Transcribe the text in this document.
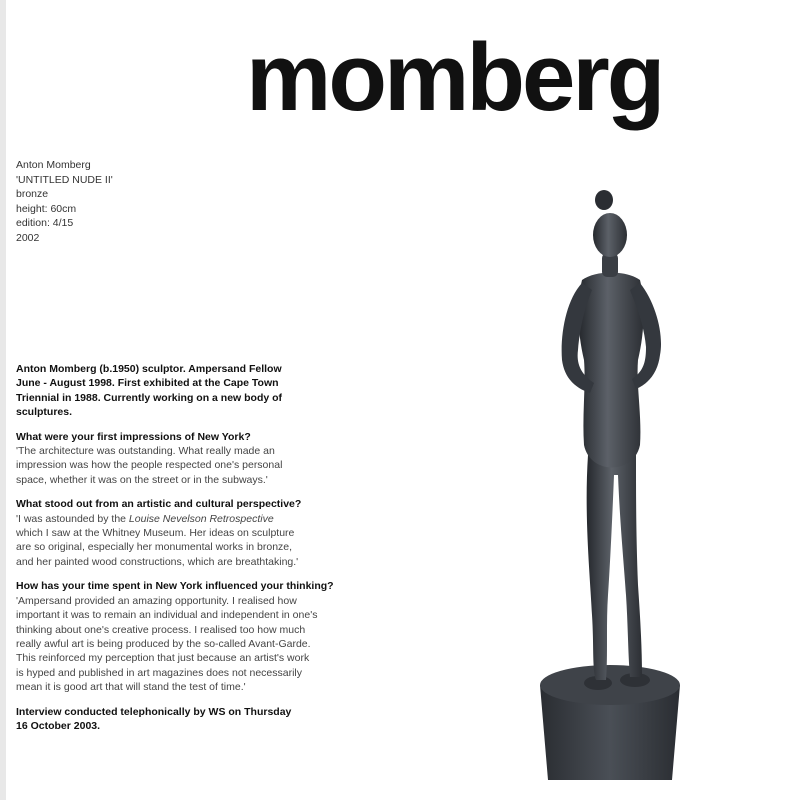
momberg
Anton Momberg
'UNTITLED NUDE II'
bronze
height: 60cm
edition: 4/15
2002
Anton Momberg (b.1950) sculptor. Ampersand Fellow
June - August 1998. First exhibited at the Cape Town
Triennial in 1988. Currently working on a new body of
sculptures.
What were your first impressions of New York?
'The architecture was outstanding. What really made an
impression was how the people respected one's personal
space, whether it was on the street or in the subways.'
What stood out from an artistic and cultural perspective?
'I was astounded by the Louise Nevelson Retrospective
which I saw at the Whitney Museum. Her ideas on sculpture
are so original, especially her monumental works in bronze,
and her painted wood constructions, which are breathtaking.'
How has your time spent in New York influenced your thinking?
'Ampersand provided an amazing opportunity. I realised how
important it was to remain an individual and independent in one's
thinking about one's creative process. I realised too how much
really awful art is being produced by the so-called Avant-Garde.
This reinforced my perception that just because an artist's work
is hyped and published in art magazines does not necessarily
mean it is good art that will stand the test of time.'
Interview conducted telephonically by WS on Thursday
16 October 2003.
